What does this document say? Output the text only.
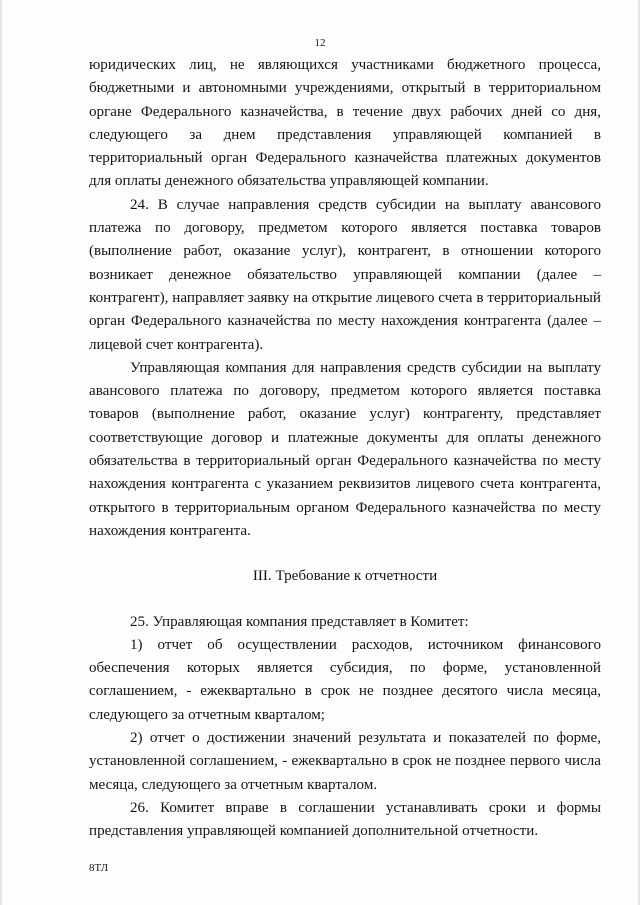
12

юридических лиц, не являющихся участниками бюджетного процесса, бюджетными и автономными учреждениями, открытый в территориальном органе Федерального казначейства, в течение двух рабочих дней со дня, следующего за днем представления управляющей компанией в территориальный орган Федерального казначейства платежных документов для оплаты денежного обязательства управляющей компании.

24. В случае направления средств субсидии на выплату авансового платежа по договору, предметом которого является поставка товаров (выполнение работ, оказание услуг), контрагент, в отношении которого возникает денежное обязательство управляющей компании (далее – контрагент), направляет заявку на открытие лицевого счета в территориальный орган Федерального казначейства по месту нахождения контрагента (далее – лицевой счет контрагента).

Управляющая компания для направления средств субсидии на выплату авансового платежа по договору, предметом которого является поставка товаров (выполнение работ, оказание услуг) контрагенту, представляет соответствующие договор и платежные документы для оплаты денежного обязательства в территориальный орган Федерального казначейства по месту нахождения контрагента с указанием реквизитов лицевого счета контрагента, открытого в территориальным органом Федерального казначейства по месту нахождения контрагента.

III. Требование к отчетности

25. Управляющая компания представляет в Комитет:

1) отчет об осуществлении расходов, источником финансового обеспечения которых является субсидия, по форме, установленной соглашением, - ежеквартально в срок не позднее десятого числа месяца, следующего за отчетным кварталом;

2) отчет о достижении значений результата и показателей по форме, установленной соглашением, - ежеквартально в срок не позднее первого числа месяца, следующего за отчетным кварталом.

26. Комитет вправе в соглашении устанавливать сроки и формы представления управляющей компанией дополнительной отчетности.

8ТЛ
